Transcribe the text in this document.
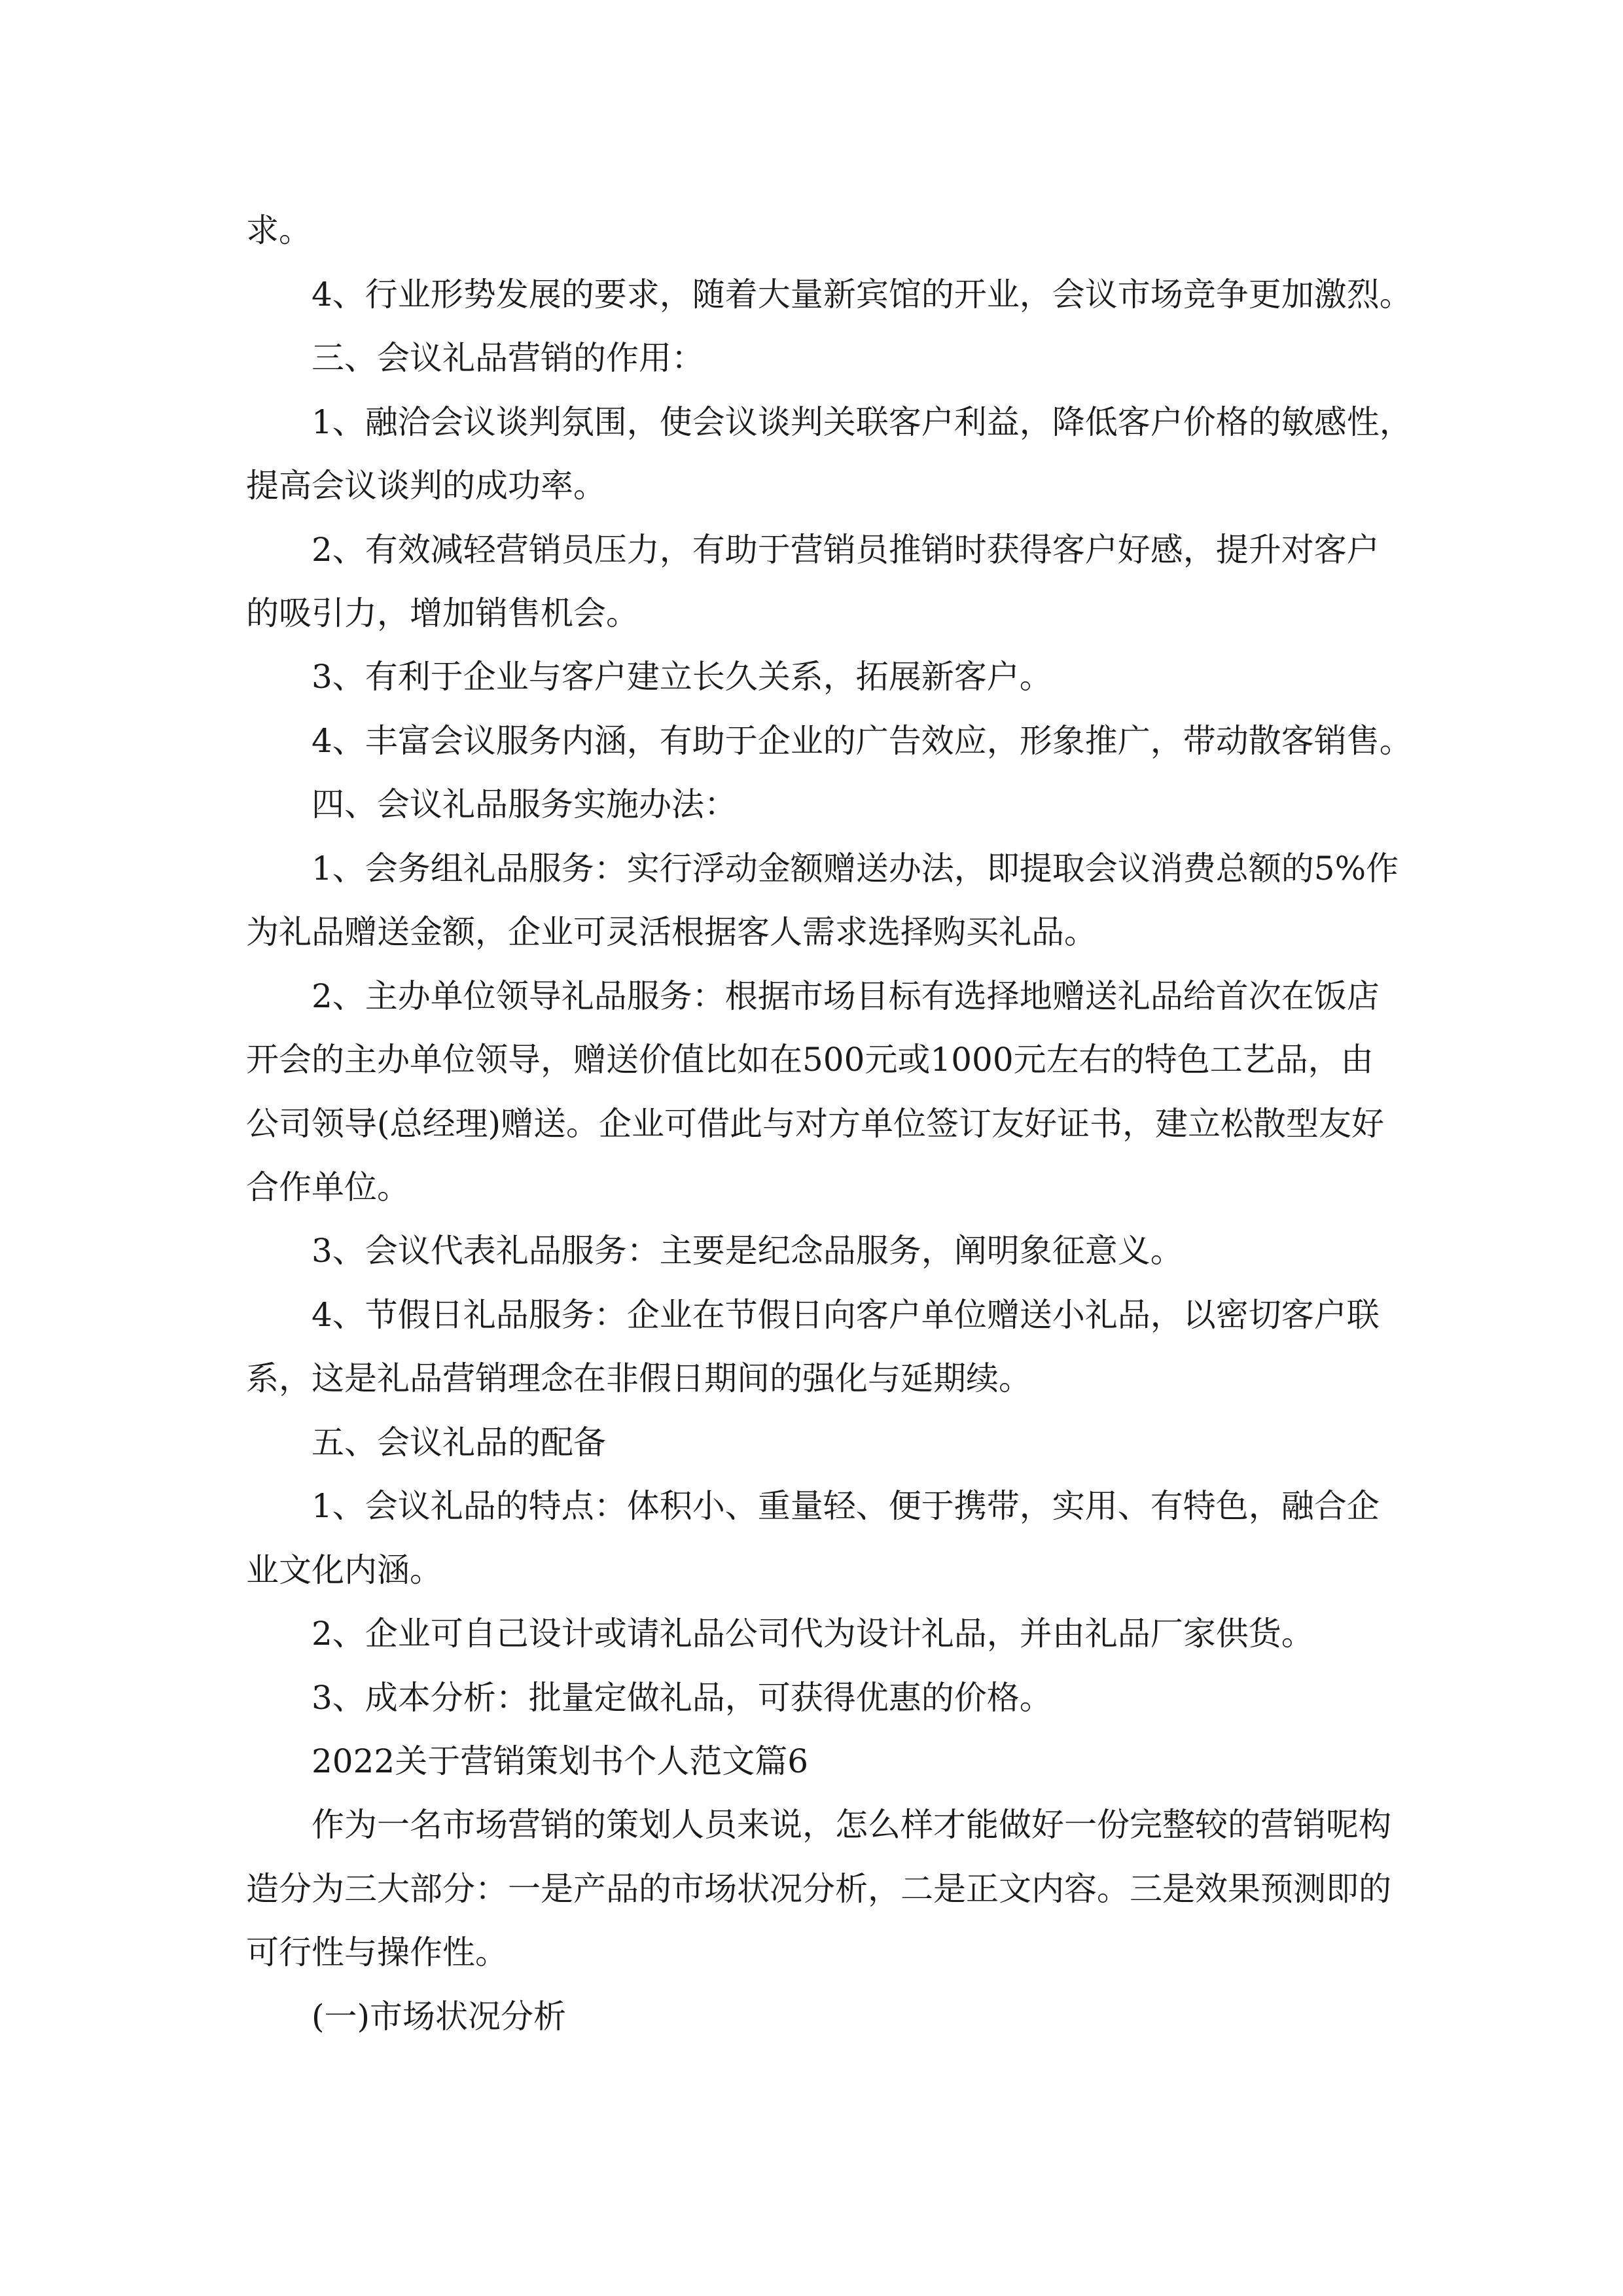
求。
4、行业形势发展的要求，随着大量新宾馆的开业，会议市场竞争更加激烈。
三、会议礼品营销的作用：
1、融洽会议谈判氛围，使会议谈判关联客户利益，降低客户价格的敏感性，
提高会议谈判的成功率。
2、有效减轻营销员压力，有助于营销员推销时获得客户好感，提升对客户
的吸引力，增加销售机会。
3、有利于企业与客户建立长久关系，拓展新客户。
4、丰富会议服务内涵，有助于企业的广告效应，形象推广，带动散客销售。
四、会议礼品服务实施办法：
1、会务组礼品服务：实行浮动金额赠送办法，即提取会议消费总额的5%作
为礼品赠送金额，企业可灵活根据客人需求选择购买礼品。
2、主办单位领导礼品服务：根据市场目标有选择地赠送礼品给首次在饭店
开会的主办单位领导，赠送价值比如在500元或1000元左右的特色工艺品，由
公司领导(总经理)赠送。企业可借此与对方单位签订友好证书，建立松散型友好
合作单位。
3、会议代表礼品服务：主要是纪念品服务，阐明象征意义。
4、节假日礼品服务：企业在节假日向客户单位赠送小礼品，以密切客户联
系，这是礼品营销理念在非假日期间的强化与延期续。
五、会议礼品的配备
1、会议礼品的特点：体积小、重量轻、便于携带，实用、有特色，融合企
业文化内涵。
2、企业可自己设计或请礼品公司代为设计礼品，并由礼品厂家供货。
3、成本分析：批量定做礼品，可获得优惠的价格。
2022关于营销策划书个人范文篇6
作为一名市场营销的策划人员来说，怎么样才能做好一份完整较的营销呢构
造分为三大部分：一是产品的市场状况分析，二是正文内容。三是效果预测即的
可行性与操作性。
(一)市场状况分析
